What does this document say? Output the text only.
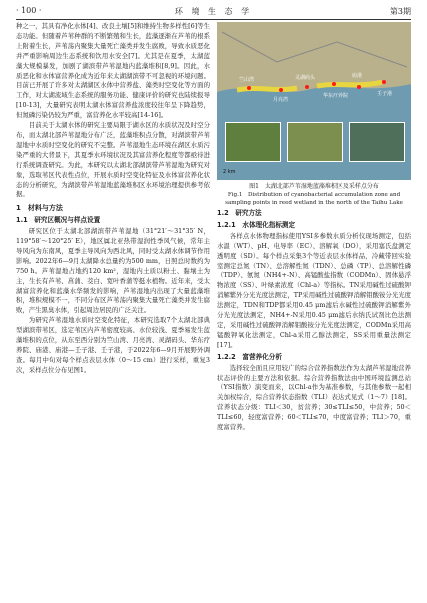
· 100 ·	环 境 生 态 学	第3期

种之一，其具有净化水体[4]、改良土壤[5]和维持生物多样性[6]等生态功能。但随着芦苇种群的不断繁殖和生长，蓝藻逐渐在芦苇的根系上附着生长，芦苇荡内聚集大量死亡藻类并发生腐败，导致水质恶化并严重影响周边生态系统和饮用水安全[7]。尤其是在夏季，太湖蓝藻大规模暴发，加剧了湖滨带芦苇湿地内蓝藻堆积[8,9]。因此，水质恶化和水体富营养化成为近年来太湖湖滨带不可忽视的环境问题。目前已开展了许多对太湖湖区水体中营养盐、藻类时空变化等方面的工作，对太湖流域生态系统的服务功能、健康评价的研究也陆续报导[10-13]，大量研究表明太湖水体富营养盐浓度较往年呈下降趋势，但氮磷污染仍较为严重，富营养化水平较高[14-16]。

目前关于太湖水体的研究主要局限于湖水区的水质状况及时空分布，而太湖北部芦苇湿地分布广泛，蓝藻堆积点分散，对湖滨带芦苇湿地中水质时空变化的研究不完整。芦苇湿地生态环境在湖区水质污染严重的大背景下，其夏季水环境状况及其富营养化程度等都亟待进行系统调查研究。为此，本研究以太湖北部湖滨带芦苇湿地为研究对象，选取苇区代表性点位，开展水质时空变化特征及水体富营养化状态的分析研究，为湖滨带芦苇湿地蓝藻堆积区水环境治理提供参考依据。

1　材料与方法
1.1　研究区概况与样点设置

研究区位于太湖北部湖滨带芦苇湿地（31°21′～31°35′ N，119°58′～120°25′ E），地区属北亚热带湿润性季风气候，常年主导风向为东南风，夏季主导风向为西北风，同时受太湖水体调节作用影响。2022年6—9月太湖降水总量约为500 mm，日照总时数约为750 h。芦苇湿地占地约120 km²，湿地内土质以粉土、黏壤土为主，生长有芦苇、菖蒲、茭白、宽叶香蒲等挺水植物。近年来，受太湖富营养化和蓝藻水华频发的影响，芦苇湿地内出现了大量蓝藻堆积，堆积规模不一，不同分布区芦苇荡内聚集大量死亡藻类并发生腐败，产生黑臭水体，引起周边居民的广泛关注。

为研究芦苇湿地水质时空变化特征，本研究选取7个太湖北部典型湖滨带苇区，选定苇区内芦苇密度较高、水位较浅、夏季易发生蓝藻堆积的点位，从东至西分别为竺山湾、月亮湾、灵湖码头、华东疗养院、庙港、庙港—壬子港、壬子港，于2022年6—9月开展野外调查。每月中旬对每个样点表层水体（0～15 cm）进行采样，重复3次，采样点位分布见图1。

竺山湾
月亮湾
灵湖码头
华东疗养院
庙港
壬子港
2 km
图1　太湖北部芦苇湿地蓝藻堆积区及采样点分布
Fig.1　Distribution of cyanobacterial accumulation zone and sampling points in reed wetland in the north of the Taihu Lake
1.2　研究方法
1.2.1　水体理化指标测定

各样点水体物理指标使用YSI多参数水质分析仪现场测定，包括水温（WT）、pH、电导率（EC）、溶解氧（DO），采用塞氏盘测定透明度（SD）。每个样点采集3个等近表层水体样品，冷藏带回实验室测定总氮（TN）、总溶解性氮（TDN）、总磷（TP）、总溶解性磷（TDP）、氨氮（NH4+-N）、高锰酸盐指数（CODMn）、固体悬浮物浓度（SS）、叶绿素浓度（Chl-a）等指标。TN采用碱性过硫酸钾消解紫外分光光度法测定，TP采用碱性过硫酸钾消解钼酸铵分光光度法测定，TDN和TDP都采用0.45 μm滤后水碱性过硫酸钾消解紫外分光光度法测定，NH4+-N采用0.45 μm滤后水纳氏试剂比色法测定，采用碱性过硫酸钾消解钼酸铵分光光度法测定，CODMn采用高锰酸钾氧化法测定，Chl-a采用乙醇法测定，SS采用重量法测定[17]。

1.2.2　富营养化分析

选择较全面且应用较广的综合营养指数法作为太湖芦苇湿地营养状态评价的主要方法和依据。综合营养指数法由中国环境监测总站（YSI指数）演变而来，以Chl-a作为基准参数，与其他参数一起相关加权综合，综合营养状态指数（TLI）表达式见式（1～7）[18]。营养状态分级：TLI＜30，贫营养；30≤TLI≤50，中营养；50＜TLI≤60，轻度富营养；60＜TLI≤70，中度富营养；TLI＞70，重度富营养。
